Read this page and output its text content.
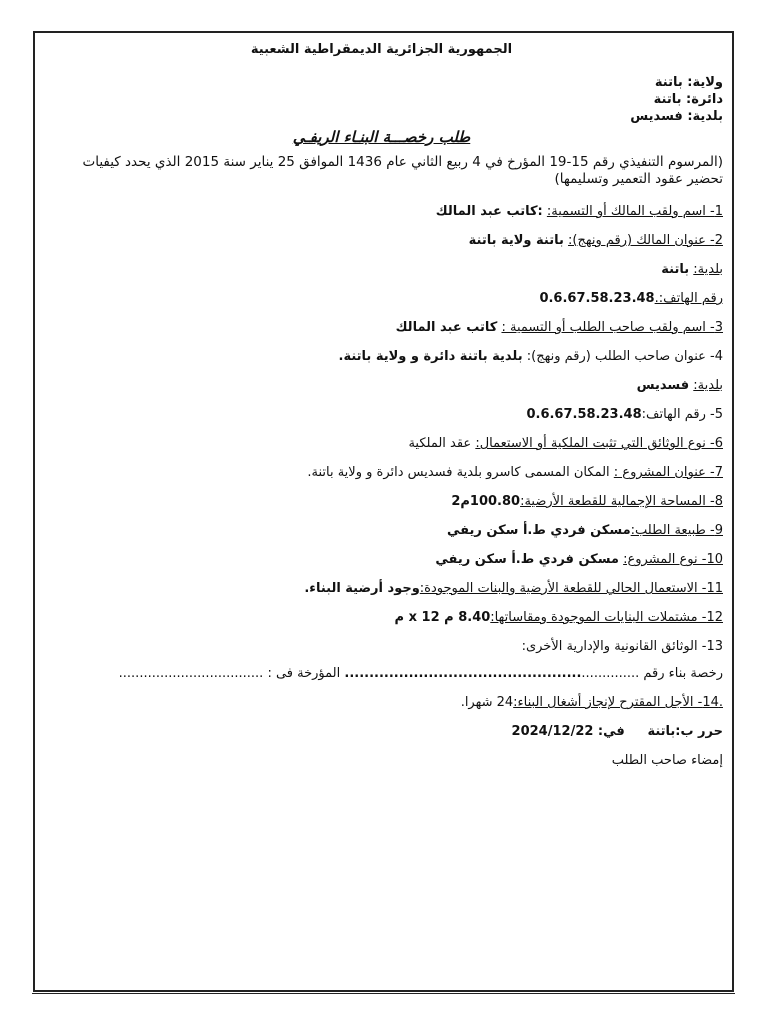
الجمهورية الجزائرية الديمقراطية الشعبية
ولاية: باتنة
دائرة: باتنة
بلدية: فسديس
طلب رخصـــة البنـاء الريفـي
(المرسوم التنفيذي رقم 15-19 المؤرخ في 4 ربيع الثاني عام 1436 الموافق 25 يناير سنة 2015 الذي يحدد كيفيات تحضير عقود التعمير وتسليمها)
1- اسم ولقب المالك أو التسمية: :كاتب عبد المالك
2- عنوان المالك (رقم ونهج): باتنة ولاية باتنة
بلدية: باتنة
رقم الهاتف:.0.6.67.58.23.48
3- اسم ولقب صاحب الطلب أو التسمية : كاتب عبد المالك
4- عنوان صاحب الطلب (رقم ونهج): بلدية باتنة دائرة و ولاية باتنة.
بلدية: فسديس
5- رقم الهاتف:0.6.67.58.23.48
6- نوع الوثائق التي تثبت الملكية أو الاستعمال: عقد الملكية
7- عنوان المشروع : المكان المسمى كاسرو بلدية فسديس دائرة و ولاية باتنة.
8- المساحة الإجمالية للقطعة الأرضية:100.80م2
9- طبيعة الطلب:مسكن فردي ط.أ سكن ريفي
10- نوع المشروع: مسكن فردي ط.أ سكن ريفي
11- الاستعمال الحالي للقطعة الأرضية والبنات الموجودة:وجود أرضية البناء.
12- مشتملات البنايات الموجودة ومقاساتها:8.40 م x 12 م
13- الوثائق القانونية والإدارية الأخرى:
رخصة بناء رقم .............................................................. المؤرخة فى : ...................................
.14- الأجل المقترح لإنجاز أشغال البناء:24 شهرا.
حرر ب:باتنة     في: 2024/12/22
إمضاء صاحب الطلب
